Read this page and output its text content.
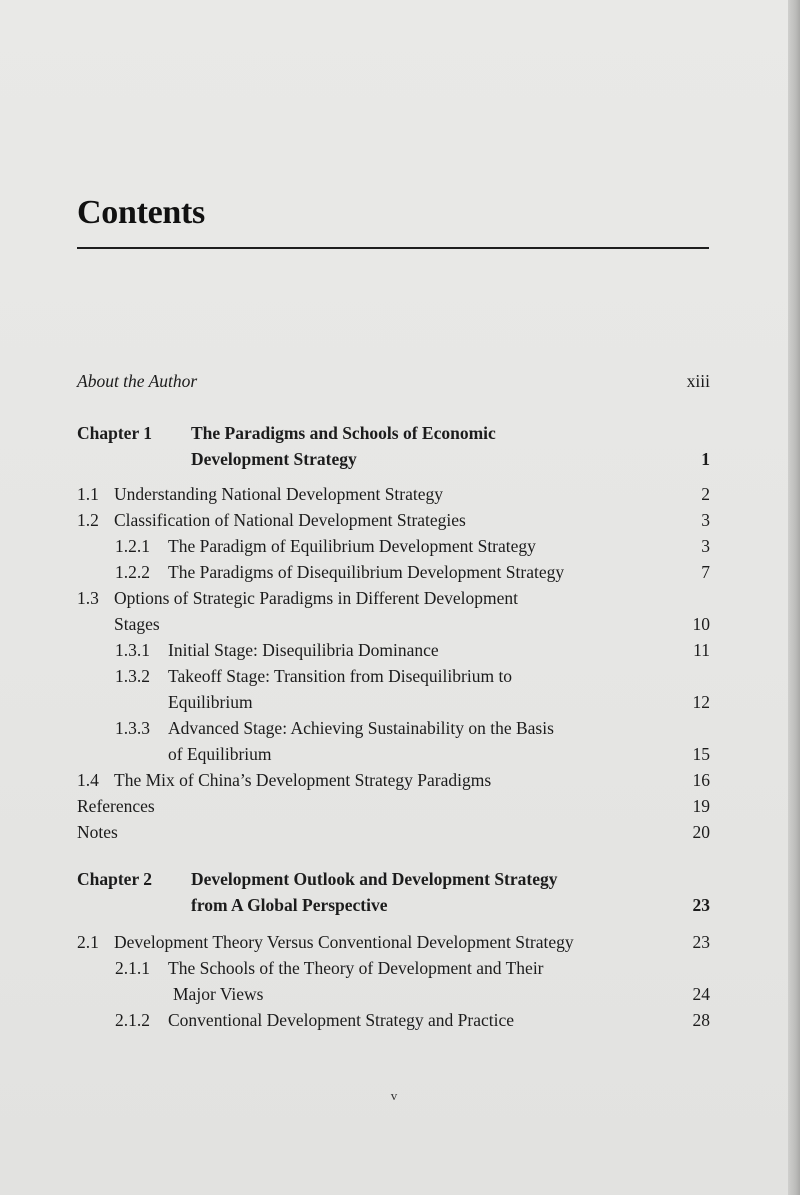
Contents
About the Author	xiii
Chapter 1 The Paradigms and Schools of Economic
Development Strategy	1
1.1 Understanding National Development Strategy	2
1.2 Classification of National Development Strategies	3
1.2.1 The Paradigm of Equilibrium Development Strategy	3
1.2.2 The Paradigms of Disequilibrium Development Strategy	7
1.3 Options of Strategic Paradigms in Different Development
Stages	10
1.3.1 Initial Stage: Disequilibria Dominance	11
1.3.2 Takeoff Stage: Transition from Disequilibrium to
Equilibrium	12
1.3.3 Advanced Stage: Achieving Sustainability on the Basis
of Equilibrium	15
1.4 The Mix of China’s Development Strategy Paradigms	16
References	19
Notes	20
Chapter 2 Development Outlook and Development Strategy
from A Global Perspective	23
2.1 Development Theory Versus Conventional Development Strategy	23
2.1.1 The Schools of the Theory of Development and Their
Major Views	24
2.1.2 Conventional Development Strategy and Practice	28
v
